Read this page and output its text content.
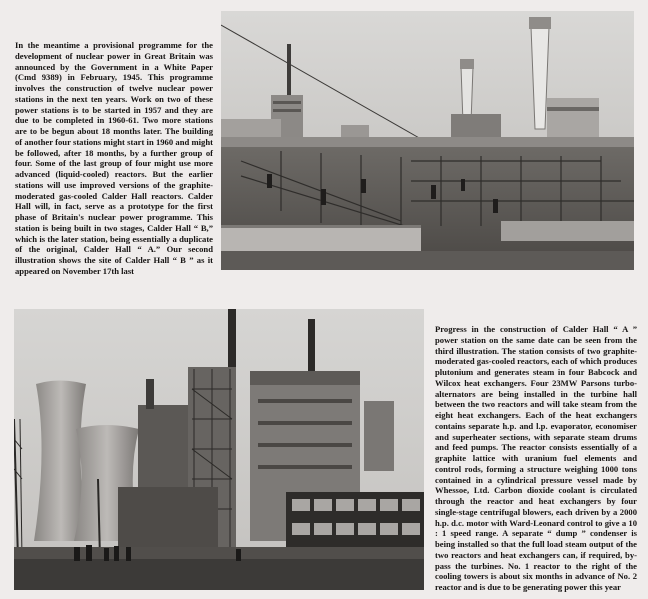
In the meantime a provisional programme for the development of nuclear power in Great Britain was announced by the Government in a White Paper (Cmd 9389) in February, 1945. This programme involves the construction of twelve nuclear power stations in the next ten years. Work on two of these power stations is to be started in 1957 and they are due to be completed in 1960-61. Two more stations are to be begun about 18 months later. The building of another four stations might start in 1960 and might be followed, after 18 months, by a further group of four. Some of the last group of four might use more advanced (liquid-cooled) reactors. But the earlier stations will use improved versions of the graphite-moderated gas-cooled Calder Hall reactors. Calder Hall will, in fact, serve as a prototype for the first phase of Britain's nuclear power programme. This station is being built in two stages, Calder Hall “ B,” which is the later station, being essentially a duplicate of the original, Calder Hall “ A.” Our second illustration shows the site of Calder Hall “ B ” as it appeared on November 17th last

Progress in the construction of Calder Hall “ A ” power station on the same date can be seen from the third illustration. The station consists of two graphite-moderated gas-cooled reactors, each of which produces plutonium and generates steam in four Babcock and Wilcox heat exchangers. Four 23MW Parsons turbo-alternators are being installed in the turbine hall between the two reactors and will take steam from the eight heat exchangers. Each of the heat exchangers contains separate h.p. and l.p. evaporator, economiser and superheater sections, with separate steam drums and feed pumps. The reactor consists essentially of a graphite lattice with uranium fuel elements and control rods, forming a structure weighing 1000 tons contained in a cylindrical pressure vessel made by Whessoe, Ltd. Carbon dioxide coolant is circulated through the reactor and heat exchangers by four single-stage centrifugal blowers, each driven by a 2000 h.p. d.c. motor with Ward-Leonard control to give a 10 : 1 speed range. A separate “ dump ” condenser is being installed so that the full load steam output of the two reactors and heat exchangers can, if required, by-pass the turbines. No. 1 reactor to the right of the cooling towers is about six months in advance of No. 2 reactor and is due to be generating power this year
